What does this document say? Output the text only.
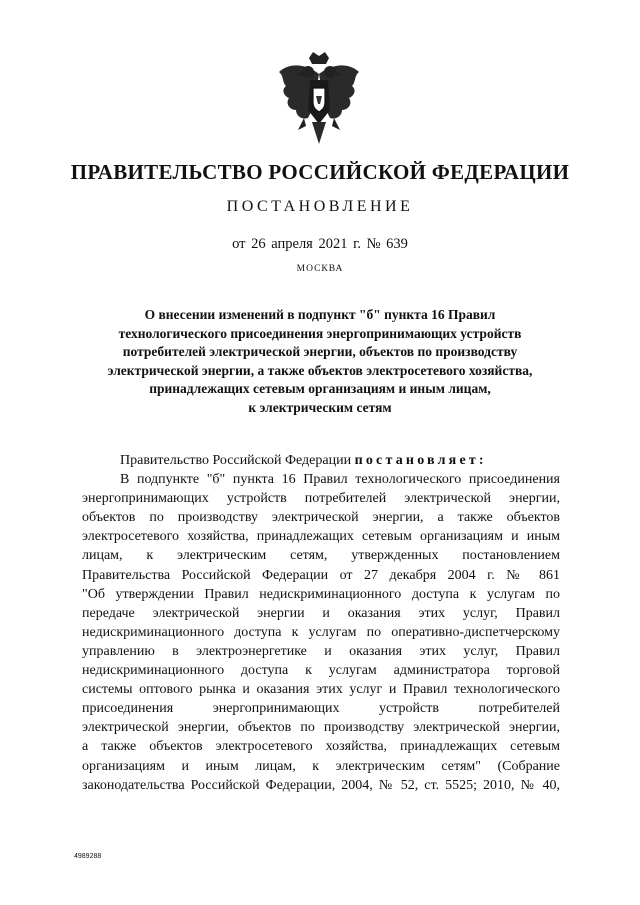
ПРАВИТЕЛЬСТВО РОССИЙСКОЙ ФЕДЕРАЦИИ
ПОСТАНОВЛЕНИЕ
от 26 апреля 2021 г. № 639
МОСКВА
О внесении изменений в подпункт "б" пункта 16 Правил
технологического присоединения энергопринимающих устройств
потребителей электрической энергии, объектов по производству
электрической энергии, а также объектов электросетевого хозяйства,
принадлежащих сетевым организациям и иным лицам,
к электрическим сетям
Правительство Российской Федерации постановляет:
В подпункте "б" пункта 16 Правил технологического присоединения
энергопринимающих устройств потребителей электрической энергии,
объектов по производству электрической энергии, а также объектов
электросетевого хозяйства, принадлежащих сетевым организациям и иным
лицам, к электрическим сетям, утвержденных постановлением
Правительства Российской Федерации от 27 декабря 2004 г. № 861
"Об утверждении Правил недискриминационного доступа к услугам по
передаче электрической энергии и оказания этих услуг, Правил
недискриминационного доступа к услугам по оперативно-диспетчерскому
управлению в электроэнергетике и оказания этих услуг, Правил
недискриминационного доступа к услугам администратора торговой
системы оптового рынка и оказания этих услуг и Правил технологического
присоединения энергопринимающих устройств потребителей
электрической энергии, объектов по производству электрической энергии,
а также объектов электросетевого хозяйства, принадлежащих сетевым
организациям и иным лицам, к электрическим сетям" (Собрание
законодательства Российской Федерации, 2004, № 52, ст. 5525; 2010, № 40,
4989288
